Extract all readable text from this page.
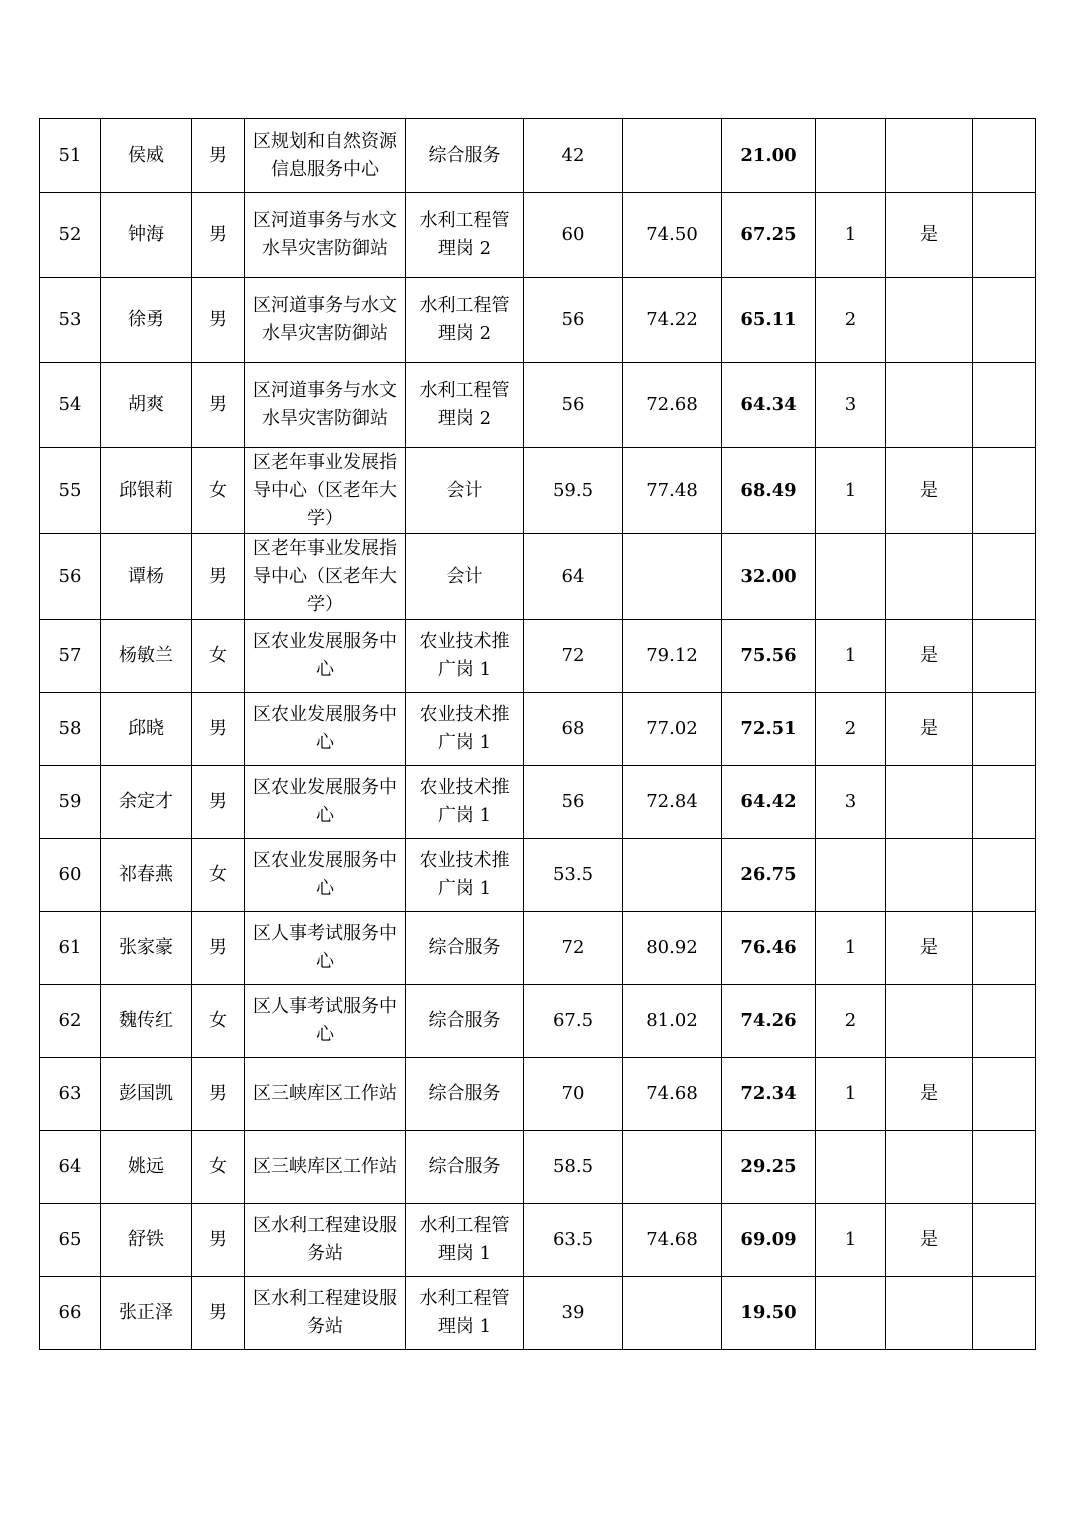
51	侯威	男	区规划和自然资源信息服务中心	综合服务	42		21.00			
52	钟海	男	区河道事务与水文水旱灾害防御站	水利工程管理岗 2	60	74.50	67.25	1	是	
53	徐勇	男	区河道事务与水文水旱灾害防御站	水利工程管理岗 2	56	74.22	65.11	2		
54	胡爽	男	区河道事务与水文水旱灾害防御站	水利工程管理岗 2	56	72.68	64.34	3		
55	邱银莉	女	区老年事业发展指导中心（区老年大学）	会计	59.5	77.48	68.49	1	是	
56	谭杨	男	区老年事业发展指导中心（区老年大学）	会计	64		32.00			
57	杨敏兰	女	区农业发展服务中心	农业技术推广岗 1	72	79.12	75.56	1	是	
58	邱晓	男	区农业发展服务中心	农业技术推广岗 1	68	77.02	72.51	2	是	
59	余定才	男	区农业发展服务中心	农业技术推广岗 1	56	72.84	64.42	3		
60	祁春燕	女	区农业发展服务中心	农业技术推广岗 1	53.5		26.75			
61	张家豪	男	区人事考试服务中心	综合服务	72	80.92	76.46	1	是	
62	魏传红	女	区人事考试服务中心	综合服务	67.5	81.02	74.26	2		
63	彭国凯	男	区三峡库区工作站	综合服务	70	74.68	72.34	1	是	
64	姚远	女	区三峡库区工作站	综合服务	58.5		29.25			
65	舒铁	男	区水利工程建设服务站	水利工程管理岗 1	63.5	74.68	69.09	1	是	
66	张正泽	男	区水利工程建设服务站	水利工程管理岗 1	39		19.50			
